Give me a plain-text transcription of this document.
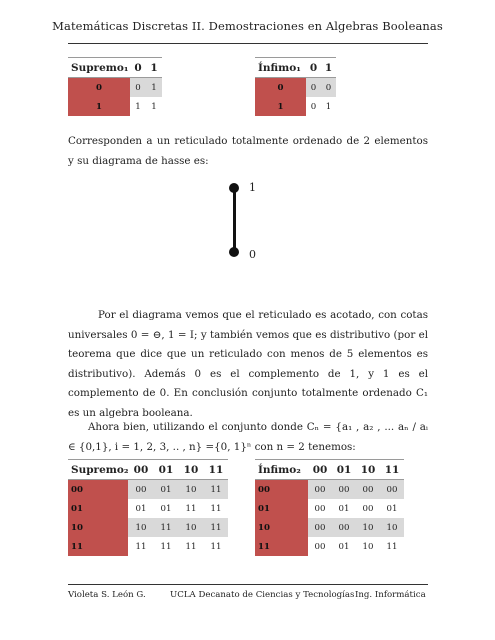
Matemáticas Discretas II. Demostraciones en Algebras Booleanas
Supremo₁	0	1
0	0	1
1	1	1
Ínfimo₁	0	1
0	0	0
1	0	1
Corresponden a un reticulado totalmente ordenado de 2 elementos y su diagrama de hasse es:
1
0
Por el diagrama vemos que el reticulado es acotado, con cotas universales 0 = ⊖, 1 = I; y también vemos que es distributivo (por el teorema que dice que un reticulado con menos de 5 elementos es distributivo). Además 0 es el complemento de 1, y 1 es el complemento de 0. En conclusión conjunto totalmente ordenado C₁ es un algebra booleana.
Ahora bien, utilizando el conjunto donde Cₙ = {a₁ , a₂ , ... aₙ / aᵢ ∈ {0,1}, i = 1, 2, 3, .. , n} ={0, 1}ⁿ con n = 2 tenemos:
Supremo₂	00	01	10	11
00	00	01	10	11
01	01	01	11	11
10	10	11	10	11
11	11	11	11	11
Ínfimo₂	00	01	10	11
00	00	00	00	00
01	00	01	00	01
10	00	00	10	10
11	00	01	10	11
Violeta S. León G.	UCLA Decanato de Ciencias y Tecnologías Ing. Informática
